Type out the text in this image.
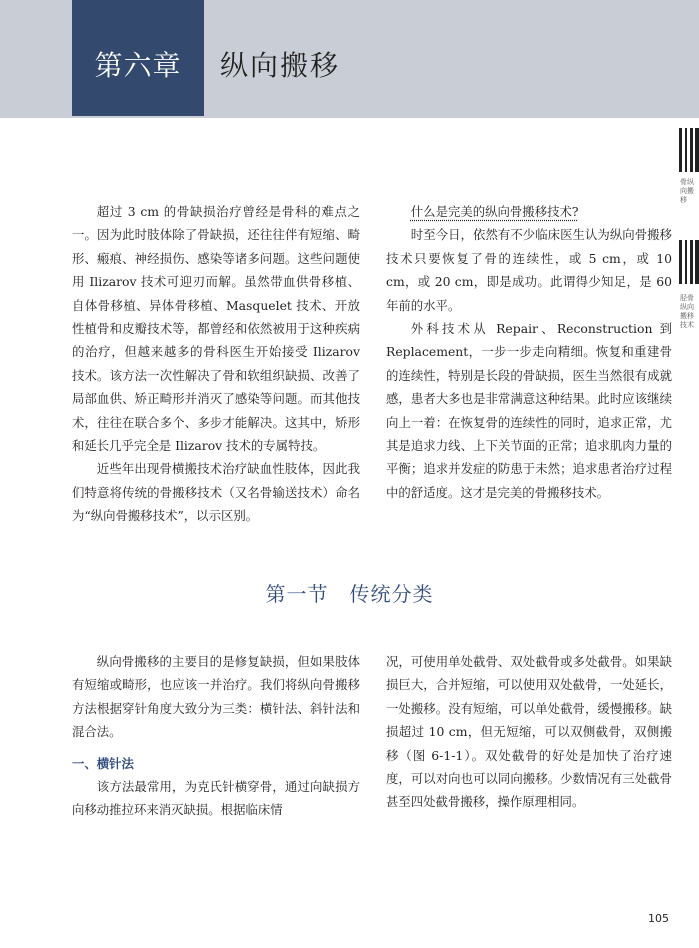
第六章	纵向搬移
骨纵向搬移
胫骨纵向搬移技术

超过 3 cm 的骨缺损治疗曾经是骨科的难点之一。因为此时肢体除了骨缺损，还往往伴有短缩、畸形、瘢痕、神经损伤、感染等诸多问题。这些问题使用 Ilizarov 技术可迎刃而解。虽然带血供骨移植、自体骨移植、异体骨移植、Masquelet 技术、开放性植骨和皮瓣技术等，都曾经和依然被用于这种疾病的治疗，但越来越多的骨科医生开始接受 Ilizarov 技术。该方法一次性解决了骨和软组织缺损、改善了局部血供、矫正畸形并消灭了感染等问题。而其他技术，往往在联合多个、多步才能解决。这其中，矫形和延长几乎完全是 Ilizarov 技术的专属特技。

近些年出现骨横搬技术治疗缺血性肢体，因此我们特意将传统的骨搬移技术（又名骨输送技术）命名为“纵向骨搬移技术”，以示区别。

什么是完美的纵向骨搬移技术?

时至今日，依然有不少临床医生认为纵向骨搬移技术只要恢复了骨的连续性，或 5 cm，或 10 cm，或 20 cm，即是成功。此谓得少知足，是 60 年前的水平。

外科技术从 Repair、Reconstruction 到 Replacement，一步一步走向精细。恢复和重建骨的连续性，特别是长段的骨缺损，医生当然很有成就感，患者大多也是非常满意这种结果。此时应该继续向上一着：在恢复骨的连续性的同时，追求正常，尤其是追求力线、上下关节面的正常；追求肌肉力量的平衡；追求并发症的防患于未然；追求患者治疗过程中的舒适度。这才是完美的骨搬移技术。

第一节　传统分类

纵向骨搬移的主要目的是修复缺损，但如果肢体有短缩或畸形，也应该一并治疗。我们将纵向骨搬移方法根据穿针角度大致分为三类：横针法、斜针法和混合法。

一、横针法

该方法最常用，为克氏针横穿骨，通过向缺损方向移动推拉环来消灭缺损。根据临床情

况，可使用单处截骨、双处截骨或多处截骨。如果缺损巨大，合并短缩，可以使用双处截骨，一处延长，一处搬移。没有短缩，可以单处截骨，缓慢搬移。缺损超过 10 cm，但无短缩，可以双侧截骨，双侧搬移（图 6-1-1）。双处截骨的好处是加快了治疗速度，可以对向也可以同向搬移。少数情况有三处截骨甚至四处截骨搬移，操作原理相同。

105
